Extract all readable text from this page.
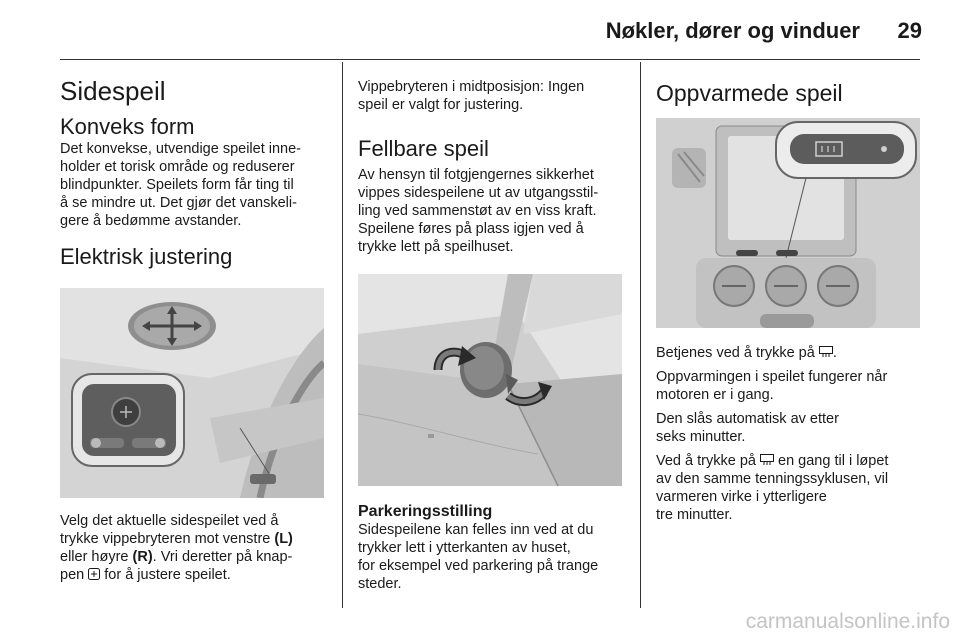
Nøkler, dører og vinduer	29
Sidespeil
Konveks form

Det konvekse, utvendige speilet inne-
holder et torisk område og reduserer
blindpunkter. Speilets form får ting til
å se mindre ut. Det gjør det vanskeli-
gere å bedømme avstander.

Elektrisk justering

Velg det aktuelle sidespeilet ved å
trykke vippebryteren mot venstre (L)
eller høyre (R). Vri deretter på knap-
pen  for å justere speilet.

Vippebryteren i midtposisjon: Ingen
speil er valgt for justering.

Fellbare speil

Av hensyn til fotgjengernes sikkerhet
vippes sidespeilene ut av utgangsstil-
ling ved sammenstøt av en viss kraft.
Speilene føres på plass igjen ved å
trykke lett på speilhuset.

Parkeringsstilling

Sidespeilene kan felles inn ved at du
trykker lett i ytterkanten av huset,
for eksempel ved parkering på trange
steder.

Oppvarmede speil

Betjenes ved å trykke på .

Oppvarmingen i speilet fungerer når
motoren er i gang.

Den slås automatisk av etter
seks minutter.

Ved å trykke på  en gang til i løpet
av den samme tenningssyklusen, vil
varmeren virke i ytterligere
tre minutter.

carmanualsonline.info
